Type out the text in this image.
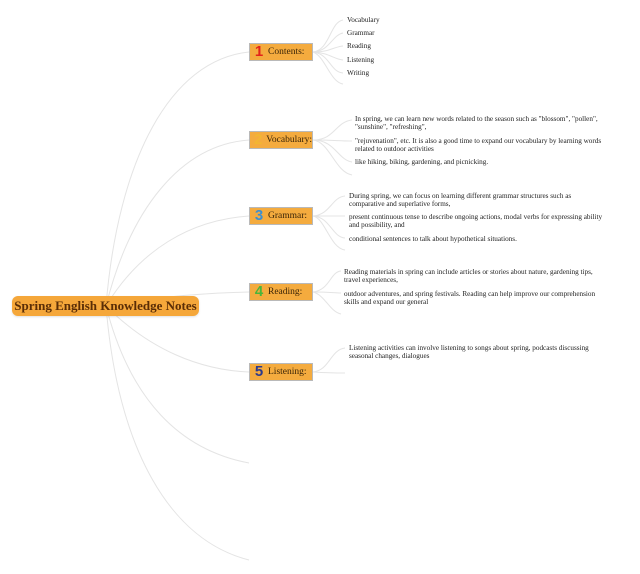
Spring English Knowledge Notes
1 Contents:
Vocabulary
Grammar
Reading
Listening
Writing
2 Vocabulary:
In spring, we can learn new words related to the season such as "blossom", "pollen", "sunshine", "refreshing",
"rejuvenation", etc. It is also a good time to expand our vocabulary by learning words related to outdoor activities
like hiking, biking, gardening, and picnicking.
3 Grammar:
During spring, we can focus on learning different grammar structures such as comparative and superlative forms,
present continuous tense to describe ongoing actions, modal verbs for expressing ability and possibility, and
conditional sentences to talk about hypothetical situations.
4 Reading:
Reading materials in spring can include articles or stories about nature, gardening tips, travel experiences,
outdoor adventures, and spring festivals. Reading can help improve our comprehension skills and expand our general
5 Listening:
Listening activities can involve listening to songs about spring, podcasts discussing seasonal changes, dialogues
